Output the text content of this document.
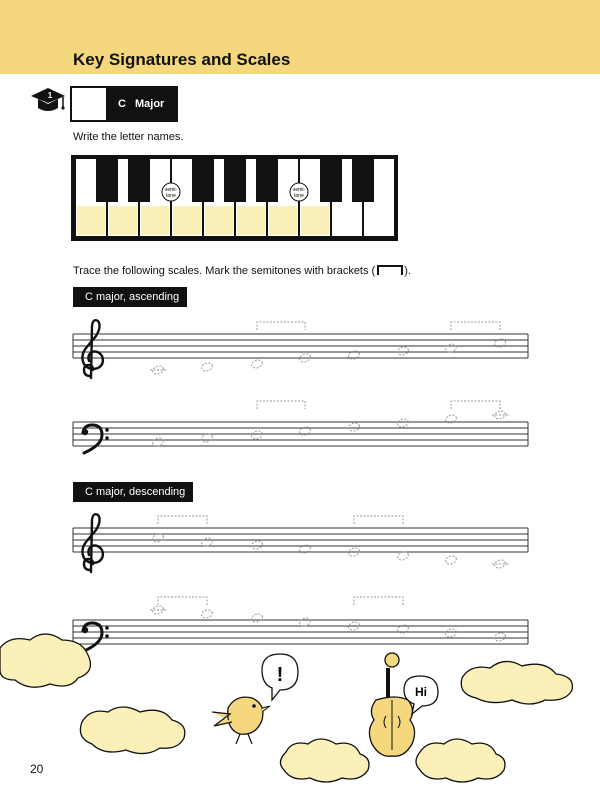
Key Signatures and Scales
1
C Major
Write the letter names.
semi-
tone
semi-
tone
Trace the following scales. Mark the semitones with brackets (	).
C major, ascending
C major, descending
!
Hi
20
